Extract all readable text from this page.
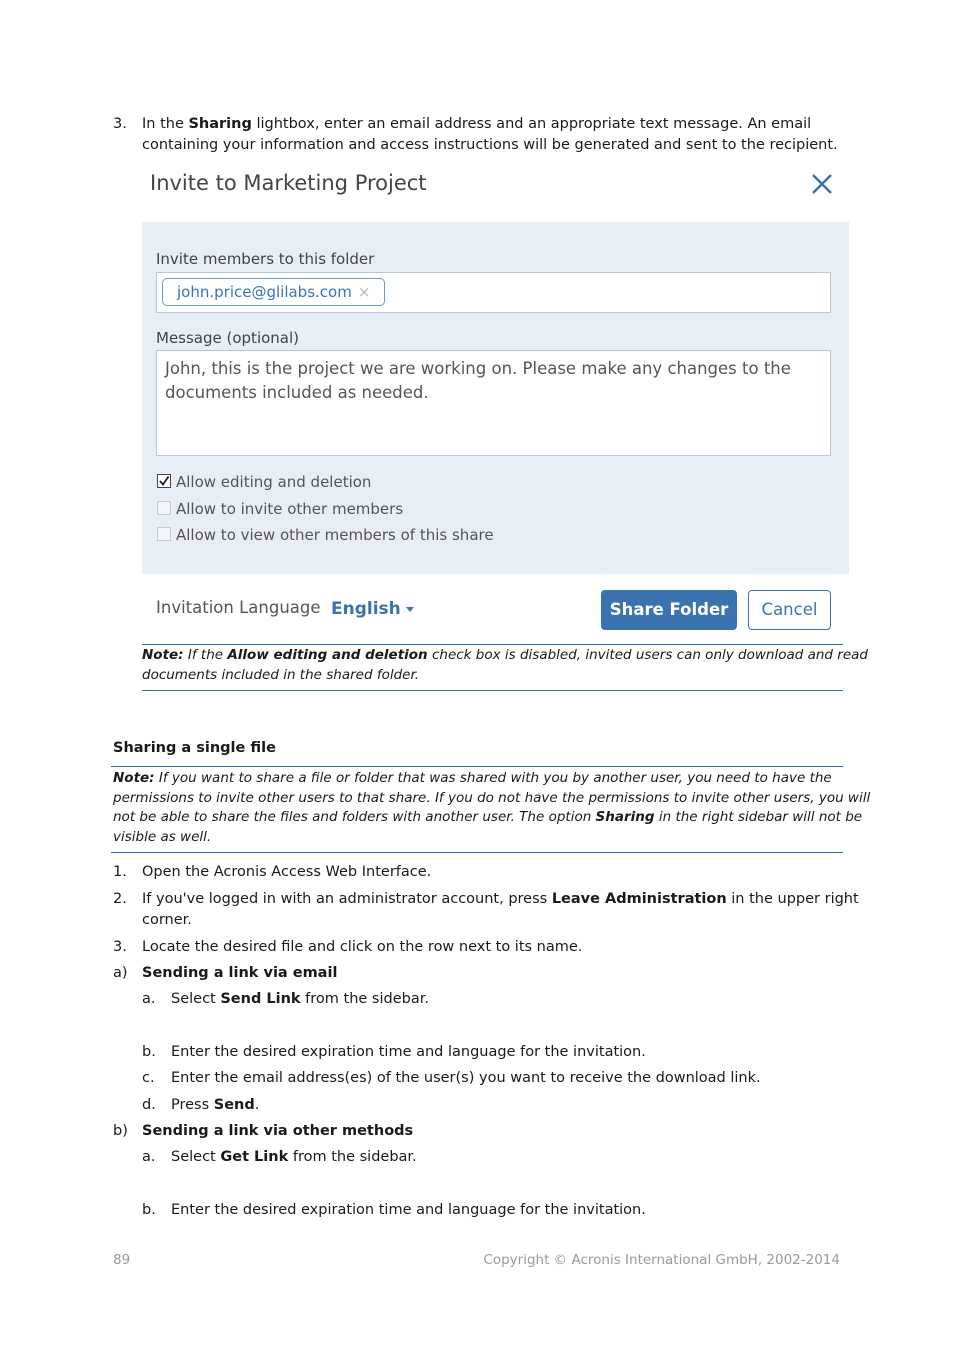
3. In the Sharing lightbox, enter an email address and an appropriate text message. An email
containing your information and access instructions will be generated and sent to the recipient.
Invite to Marketing Project
Invite members to this folder
john.price@glilabs.com ×
Message (optional)
John, this is the project we are working on. Please make any changes to the
documents included as needed.
Allow editing and deletion
Allow to invite other members
Allow to view other members of this share
Invitation Language English	Share Folder	Cancel
Note: If the Allow editing and deletion check box is disabled, invited users can only download and read
documents included in the shared folder.
Sharing a single file
Note: If you want to share a file or folder that was shared with you by another user, you need to have the
permissions to invite other users to that share. If you do not have the permissions to invite other users, you will
not be able to share the files and folders with another user. The option Sharing in the right sidebar will not be
visible as well.
1. Open the Acronis Access Web Interface.
2. If you've logged in with an administrator account, press Leave Administration in the upper right
corner.
3. Locate the desired file and click on the row next to its name.
a) Sending a link via email
a. Select Send Link from the sidebar.
b. Enter the desired expiration time and language for the invitation.
c. Enter the email address(es) of the user(s) you want to receive the download link.
d. Press Send.
b) Sending a link via other methods
a. Select Get Link from the sidebar.
b. Enter the desired expiration time and language for the invitation.
89	Copyright © Acronis International GmbH, 2002-2014
